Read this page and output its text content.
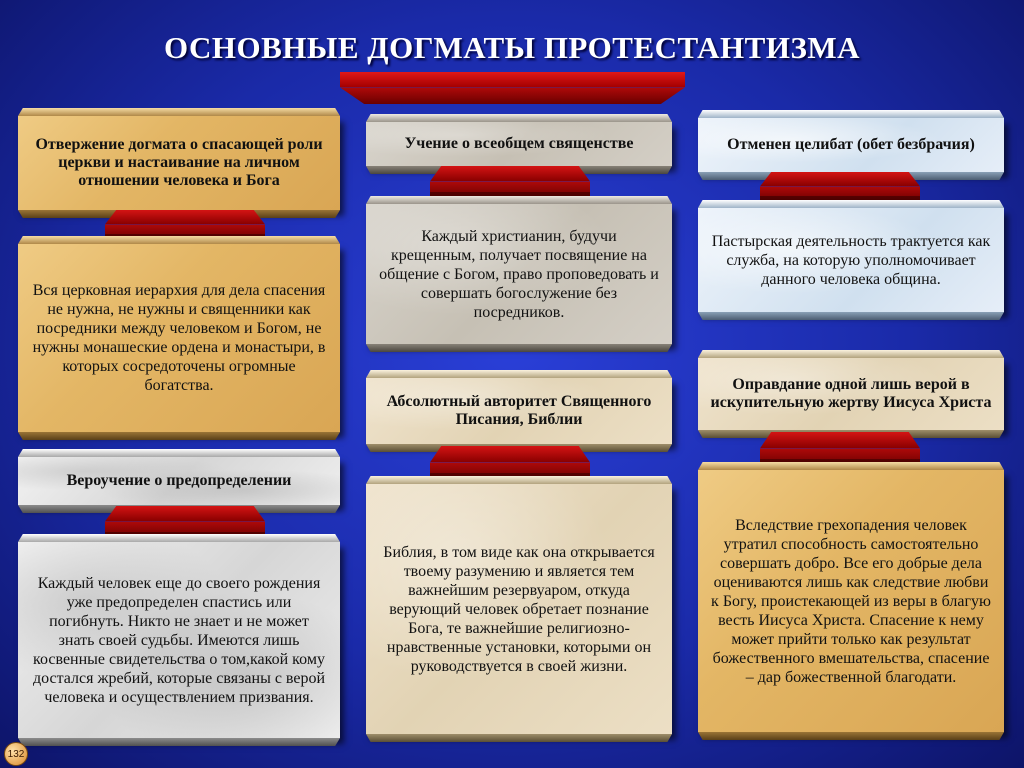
ОСНОВНЫЕ ДОГМАТЫ ПРОТЕСТАНТИЗМА
Отвержение догмата о спасающей роли церкви и настаивание на личном отношении человека и Бога
Вся церковная иерархия для дела спасения не нужна, не нужны и священники как посредники между человеком и Богом, не нужны монашеские ордена и монастыри, в которых сосредоточены огромные богатства.
Вероучение о предопределении
Каждый человек еще до своего рождения уже предопределен спастись или погибнуть. Никто не знает и не может знать своей судьбы. Имеются лишь косвенные свидетельства о том,какой кому достался жребий, которые связаны с верой человека и осуществлением призвания.
Учение о всеобщем священстве
Каждый христианин, будучи крещенным, получает посвящение на общение с Богом, право проповедовать и совершать богослужение без посредников.
Абсолютный авторитет Священного Писания, Библии
Библия, в том виде как она открывается твоему разумению и является тем важнейшим резервуаром, откуда верующий человек обретает познание Бога, те важнейшие религиозно-нравственные установки, которыми он руководствуется в своей жизни.
Отменен целибат (обет безбрачия)
Пастырская деятельность трактуется как служба, на которую уполномочивает данного человека община.
Оправдание одной лишь верой в искупительную жертву Иисуса Христа
Вследствие грехопадения человек утратил способность самостоятельно совершать добро. Все его добрые дела оцениваются лишь как следствие любви к Богу, проистекающей из веры в благую весть Иисуса Христа. Спасение к нему может прийти только как результат божественного вмешательства, спасение – дар божественной благодати.
132
